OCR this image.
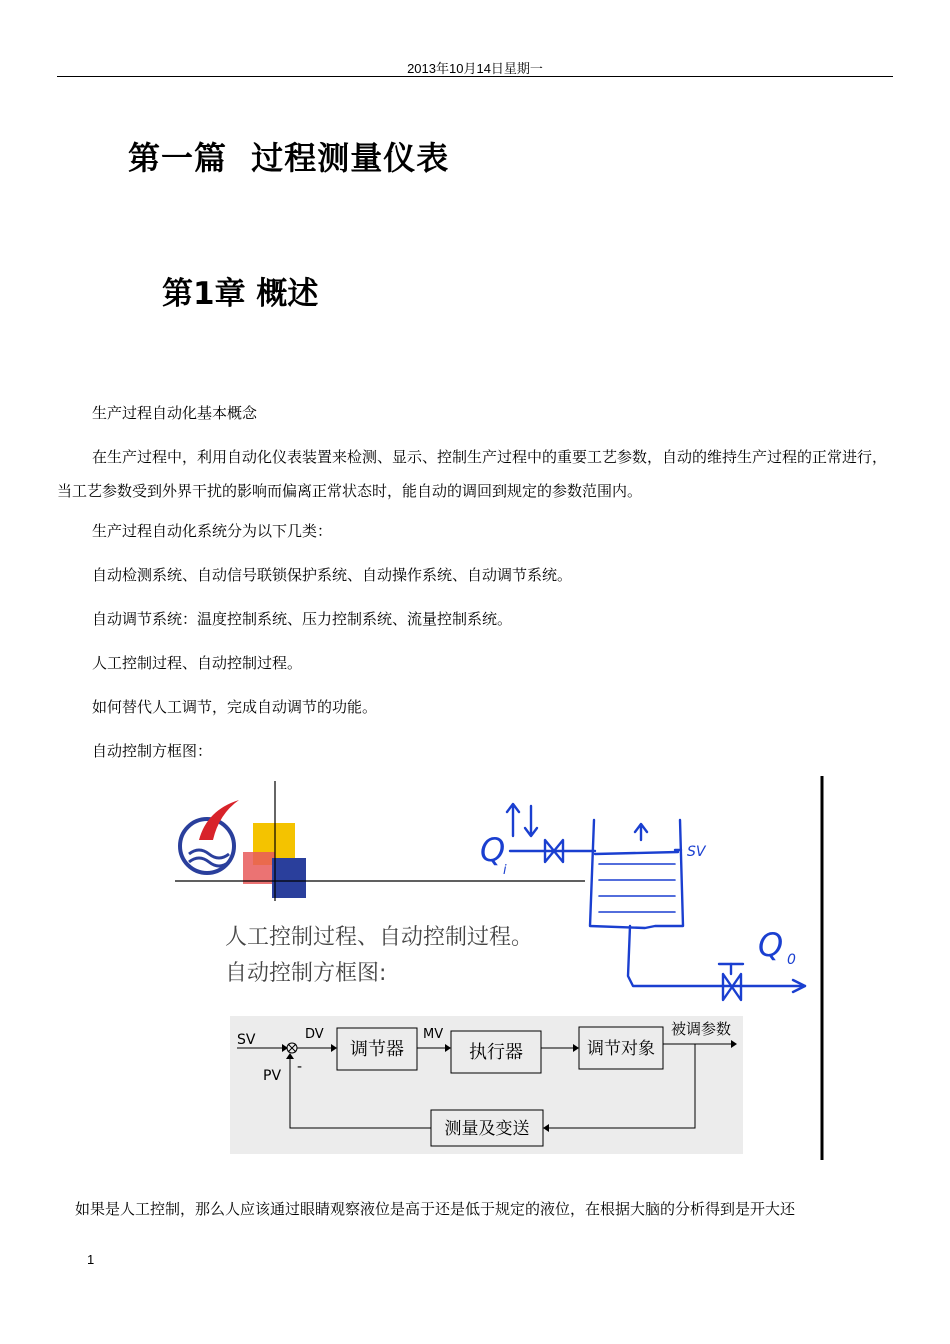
2013年10月14日星期一
第一篇  过程测量仪表
第1章 概述

生产过程自动化基本概念

在生产过程中，利用自动化仪表装置来检测、显示、控制生产过程中的重要工艺参数，自动的维持生产过程的正常进行，当工艺参数受到外界干扰的影响而偏离正常状态时，能自动的调回到规定的参数范围内。

生产过程自动化系统分为以下几类：

自动检测系统、自动信号联锁保护系统、自动操作系统、自动调节系统。

自动调节系统：温度控制系统、压力控制系统、流量控制系统。

人工控制过程、自动控制过程。

如何替代人工调节，完成自动调节的功能。

自动控制方框图：

人工控制过程、自动控制过程。
自动控制方框图:
SV	DV
调节器
MV
执行器	调节对象
被调参数
测量及变送
PV
-
Q
i
Q 0
SV

如果是人工控制，那么人应该通过眼睛观察液位是高于还是低于规定的液位，在根据大脑的分析得到是开大还

1
